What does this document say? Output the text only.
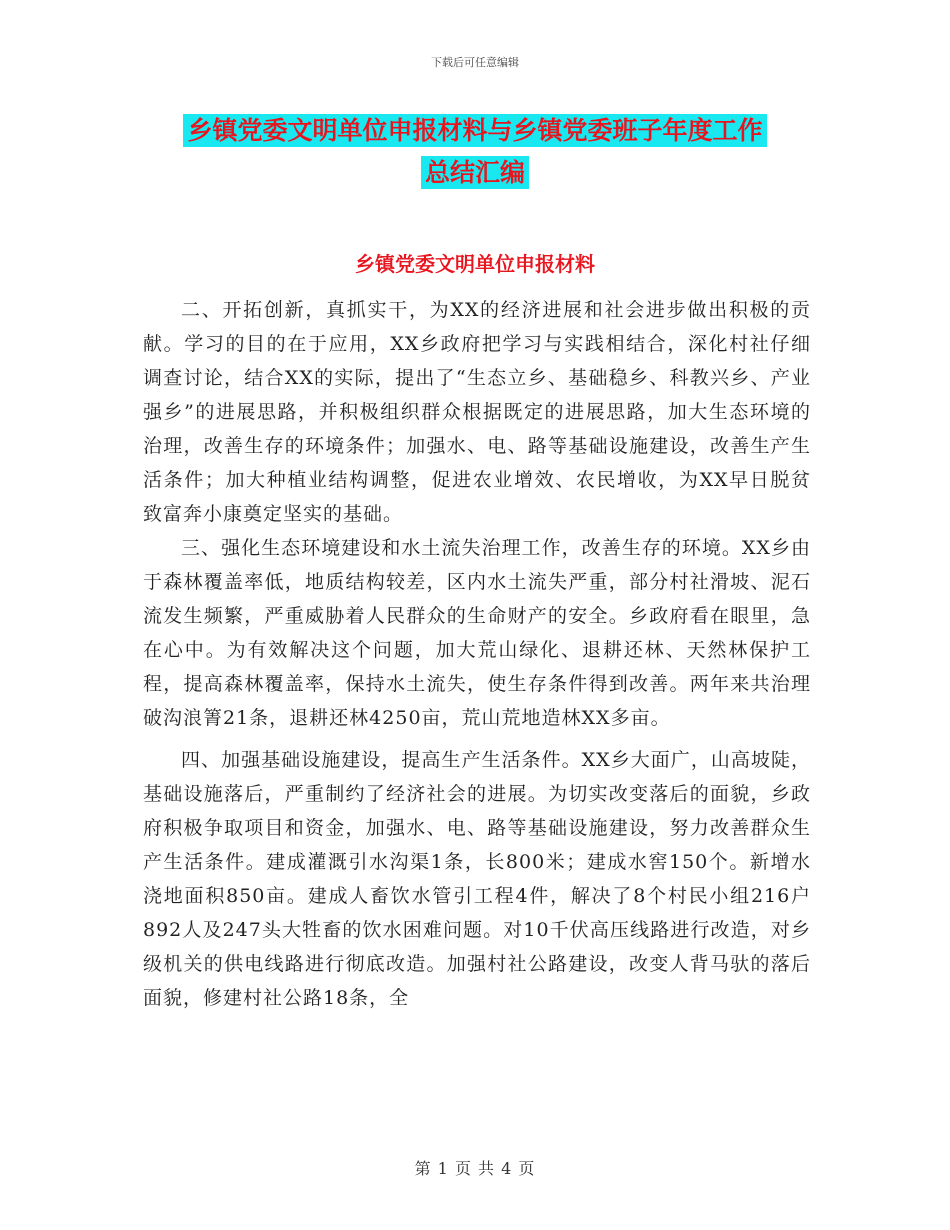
下载后可任意编辑
乡镇党委文明单位申报材料与乡镇党委班子年度工作
总结汇编
乡镇党委文明单位申报材料

二、开拓创新，真抓实干，为XX的经济进展和社会进步做出积极的贡献。学习的目的在于应用，XX乡政府把学习与实践相结合，深化村社仔细调查讨论，结合XX的实际，提出了“生态立乡、基础稳乡、科教兴乡、产业强乡”的进展思路，并积极组织群众根据既定的进展思路，加大生态环境的治理，改善生存的环境条件；加强水、电、路等基础设施建设，改善生产生活条件；加大种植业结构调整，促进农业增效、农民增收，为XX早日脱贫致富奔小康奠定坚实的基础。

三、强化生态环境建设和水土流失治理工作，改善生存的环境。XX乡由于森林覆盖率低，地质结构较差，区内水土流失严重，部分村社滑坡、泥石流发生频繁，严重威胁着人民群众的生命财产的安全。乡政府看在眼里，急在心中。为有效解决这个问题，加大荒山绿化、退耕还林、天然林保护工程，提高森林覆盖率，保持水土流失，使生存条件得到改善。两年来共治理破沟浪箐21条，退耕还林4250亩，荒山荒地造林XX多亩。

四、加强基础设施建设，提高生产生活条件。XX乡大面广，山高坡陡，基础设施落后，严重制约了经济社会的进展。为切实改变落后的面貌，乡政府积极争取项目和资金，加强水、电、路等基础设施建设，努力改善群众生产生活条件。建成灌溉引水沟渠1条，长800米；建成水窖150个。新增水浇地面积850亩。建成人畜饮水管引工程4件，解决了8个村民小组216户892人及247头大牲畜的饮水困难问题。对10千伏高压线路进行改造，对乡级机关的供电线路进行彻底改造。加强村社公路建设，改变人背马驮的落后面貌，修建村社公路18条，全

第 1 页 共 4 页
